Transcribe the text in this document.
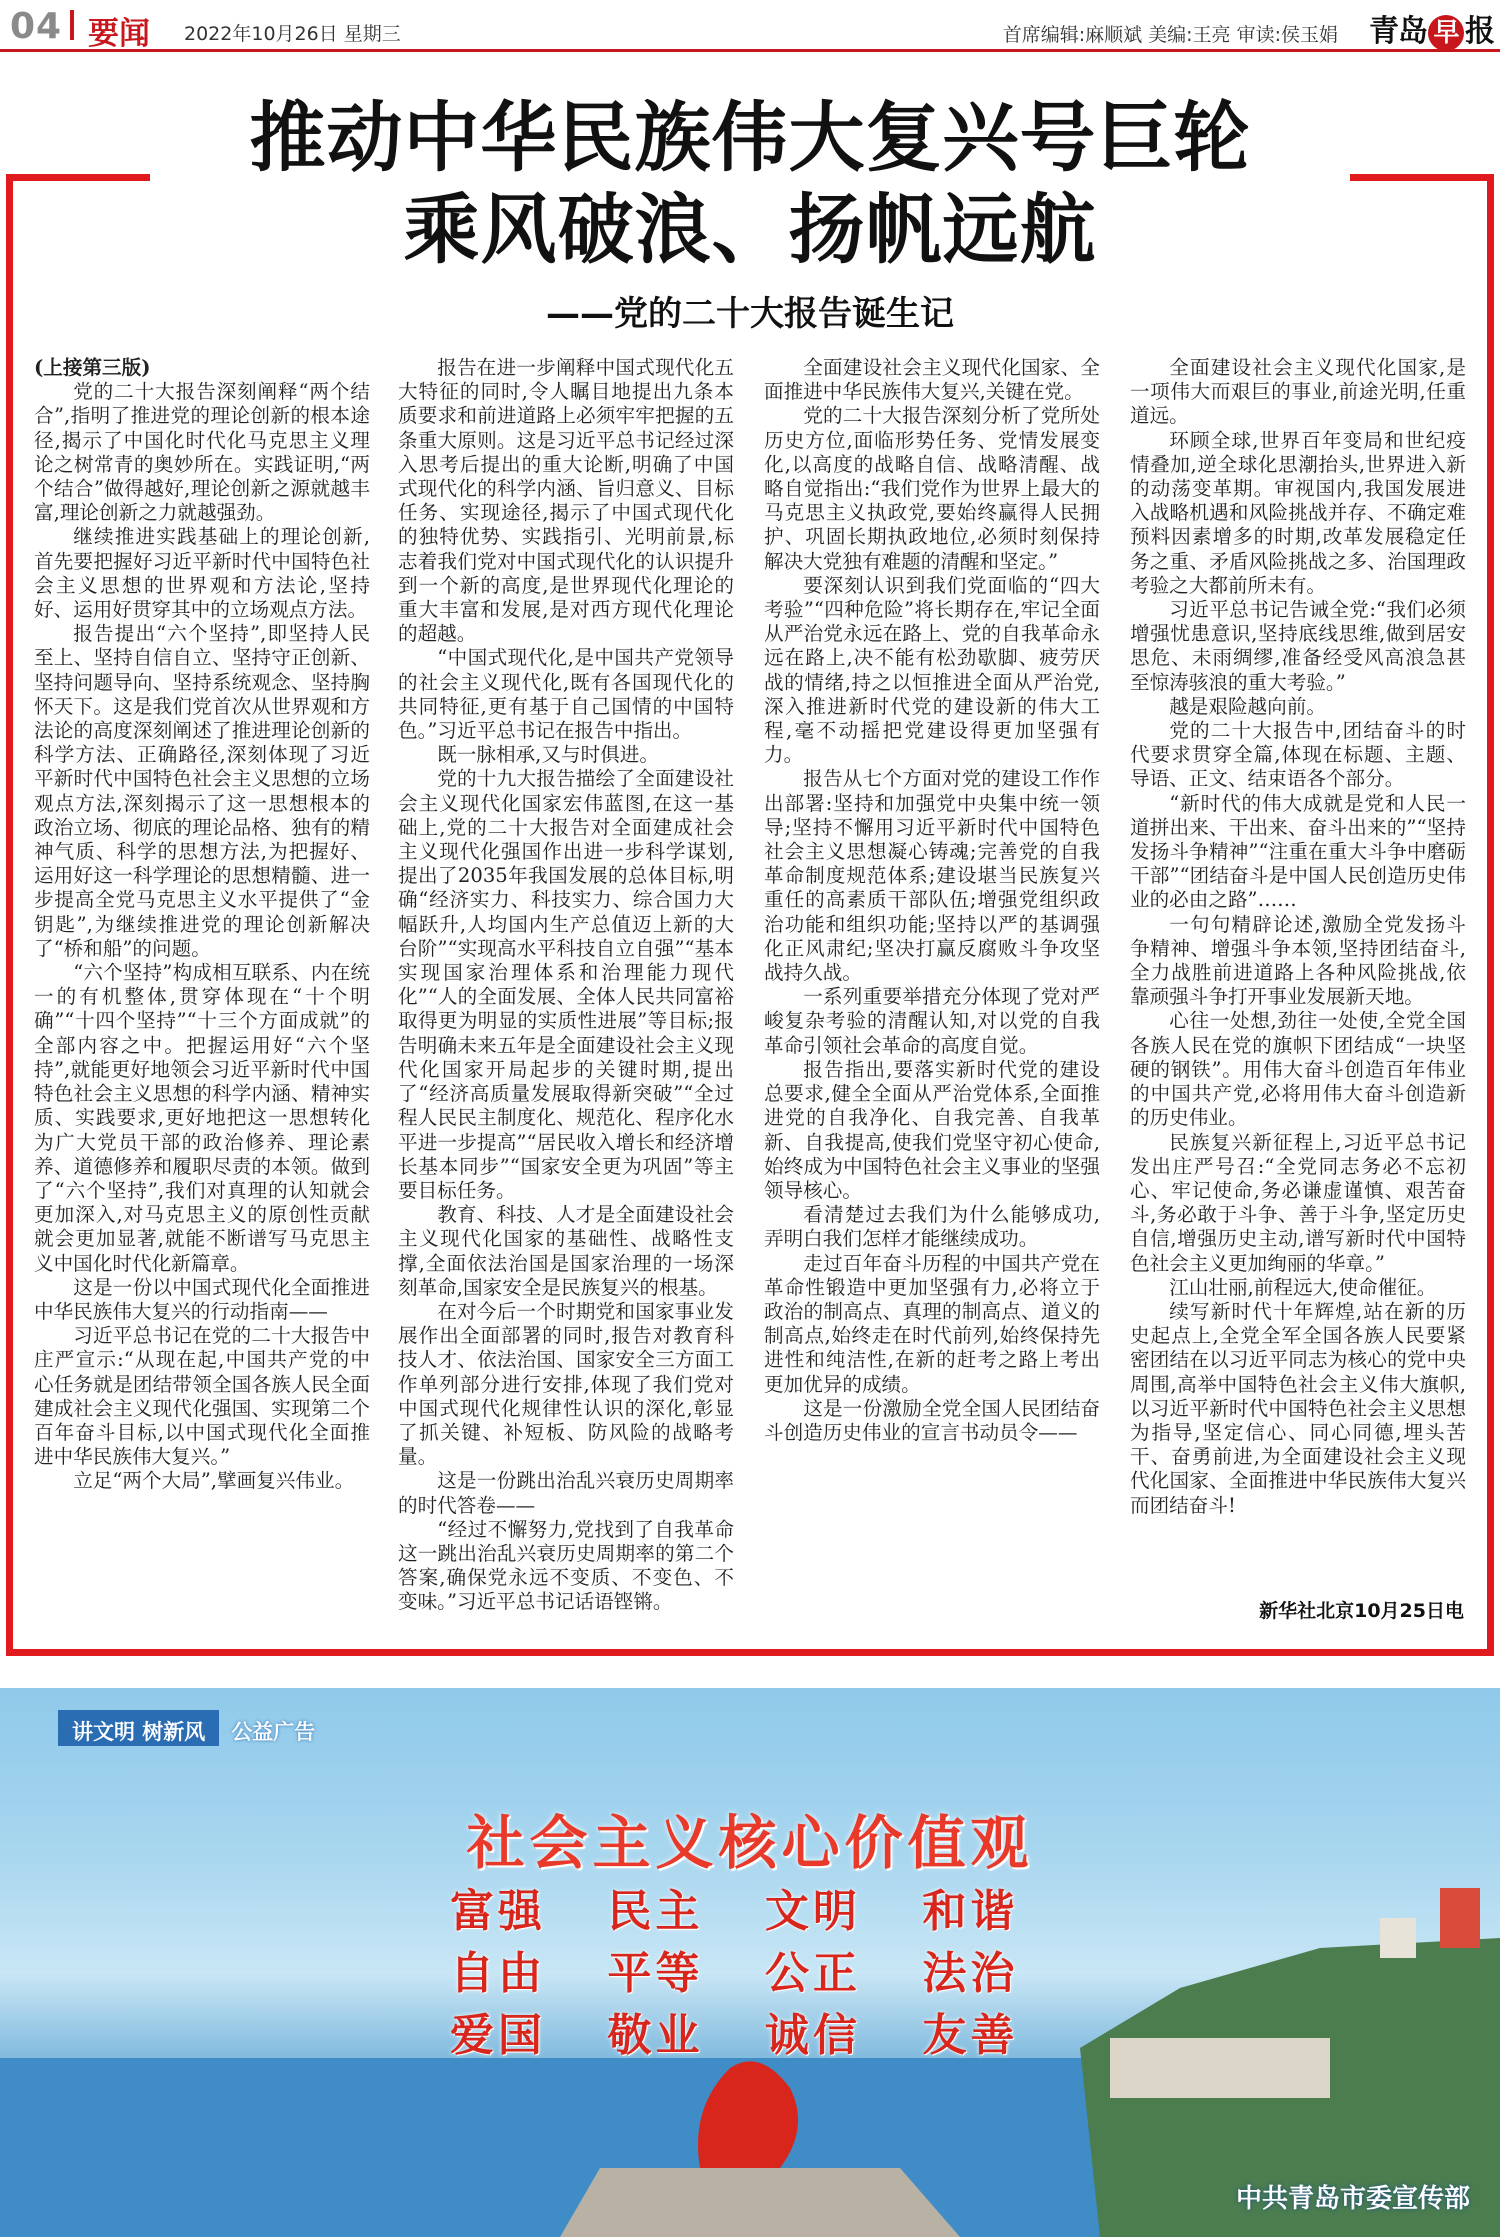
04 要闻 2022年10月26日 星期三	首席编辑:麻顺斌 美编:王亮 审读:侯玉娟 青岛 早 报
推动中华民族伟大复兴号巨轮
乘风破浪、扬帆远航
——党的二十大报告诞生记

(上接第三版)

党的二十大报告深刻阐释“两个结合”,指明了推进党的理论创新的根本途径,揭示了中国化时代化马克思主义理论之树常青的奥妙所在。实践证明,“两个结合”做得越好,理论创新之源就越丰富,理论创新之力就越强劲。

继续推进实践基础上的理论创新,首先要把握好习近平新时代中国特色社会主义思想的世界观和方法论,坚持好、运用好贯穿其中的立场观点方法。

报告提出“六个坚持”,即坚持人民至上、坚持自信自立、坚持守正创新、坚持问题导向、坚持系统观念、坚持胸怀天下。这是我们党首次从世界观和方法论的高度深刻阐述了推进理论创新的科学方法、正确路径,深刻体现了习近平新时代中国特色社会主义思想的立场观点方法,深刻揭示了这一思想根本的政治立场、彻底的理论品格、独有的精神气质、科学的思想方法,为把握好、运用好这一科学理论的思想精髓、进一步提高全党马克思主义水平提供了“金钥匙”,为继续推进党的理论创新解决了“桥和船”的问题。

“六个坚持”构成相互联系、内在统一的有机整体,贯穿体现在“十个明确”“十四个坚持”“十三个方面成就”的全部内容之中。把握运用好“六个坚持”,就能更好地领会习近平新时代中国特色社会主义思想的科学内涵、精神实质、实践要求,更好地把这一思想转化为广大党员干部的政治修养、理论素养、道德修养和履职尽责的本领。做到了“六个坚持”,我们对真理的认知就会更加深入,对马克思主义的原创性贡献就会更加显著,就能不断谱写马克思主义中国化时代化新篇章。

这是一份以中国式现代化全面推进中华民族伟大复兴的行动指南——

习近平总书记在党的二十大报告中庄严宣示:“从现在起,中国共产党的中心任务就是团结带领全国各族人民全面建成社会主义现代化强国、实现第二个百年奋斗目标,以中国式现代化全面推进中华民族伟大复兴。”

立足“两个大局”,擘画复兴伟业。

报告在进一步阐释中国式现代化五大特征的同时,令人瞩目地提出九条本质要求和前进道路上必须牢牢把握的五条重大原则。这是习近平总书记经过深入思考后提出的重大论断,明确了中国式现代化的科学内涵、旨归意义、目标任务、实现途径,揭示了中国式现代化的独特优势、实践指引、光明前景,标志着我们党对中国式现代化的认识提升到一个新的高度,是世界现代化理论的重大丰富和发展,是对西方现代化理论的超越。

“中国式现代化,是中国共产党领导的社会主义现代化,既有各国现代化的共同特征,更有基于自己国情的中国特色。”习近平总书记在报告中指出。

既一脉相承,又与时俱进。

党的十九大报告描绘了全面建设社会主义现代化国家宏伟蓝图,在这一基础上,党的二十大报告对全面建成社会主义现代化强国作出进一步科学谋划,提出了2035年我国发展的总体目标,明确“经济实力、科技实力、综合国力大幅跃升,人均国内生产总值迈上新的大台阶”“实现高水平科技自立自强”“基本实现国家治理体系和治理能力现代化”“人的全面发展、全体人民共同富裕取得更为明显的实质性进展”等目标;报告明确未来五年是全面建设社会主义现代化国家开局起步的关键时期,提出了“经济高质量发展取得新突破”“全过程人民民主制度化、规范化、程序化水平进一步提高”“居民收入增长和经济增长基本同步”“国家安全更为巩固”等主要目标任务。

教育、科技、人才是全面建设社会主义现代化国家的基础性、战略性支撑,全面依法治国是国家治理的一场深刻革命,国家安全是民族复兴的根基。

在对今后一个时期党和国家事业发展作出全面部署的同时,报告对教育科技人才、依法治国、国家安全三方面工作单列部分进行安排,体现了我们党对中国式现代化规律性认识的深化,彰显了抓关键、补短板、防风险的战略考量。

这是一份跳出治乱兴衰历史周期率的时代答卷——

“经过不懈努力,党找到了自我革命这一跳出治乱兴衰历史周期率的第二个答案,确保党永远不变质、不变色、不变味。”习近平总书记话语铿锵。

全面建设社会主义现代化国家、全面推进中华民族伟大复兴,关键在党。

党的二十大报告深刻分析了党所处历史方位,面临形势任务、党情发展变化,以高度的战略自信、战略清醒、战略自觉指出:“我们党作为世界上最大的马克思主义执政党,要始终赢得人民拥护、巩固长期执政地位,必须时刻保持解决大党独有难题的清醒和坚定。”

要深刻认识到我们党面临的“四大考验”“四种危险”将长期存在,牢记全面从严治党永远在路上、党的自我革命永远在路上,决不能有松劲歇脚、疲劳厌战的情绪,持之以恒推进全面从严治党,深入推进新时代党的建设新的伟大工程,毫不动摇把党建设得更加坚强有力。

报告从七个方面对党的建设工作作出部署:坚持和加强党中央集中统一领导;坚持不懈用习近平新时代中国特色社会主义思想凝心铸魂;完善党的自我革命制度规范体系;建设堪当民族复兴重任的高素质干部队伍;增强党组织政治功能和组织功能;坚持以严的基调强化正风肃纪;坚决打赢反腐败斗争攻坚战持久战。

一系列重要举措充分体现了党对严峻复杂考验的清醒认知,对以党的自我革命引领社会革命的高度自觉。

报告指出,要落实新时代党的建设总要求,健全全面从严治党体系,全面推进党的自我净化、自我完善、自我革新、自我提高,使我们党坚守初心使命,始终成为中国特色社会主义事业的坚强领导核心。

看清楚过去我们为什么能够成功,弄明白我们怎样才能继续成功。

走过百年奋斗历程的中国共产党在革命性锻造中更加坚强有力,必将立于政治的制高点、真理的制高点、道义的制高点,始终走在时代前列,始终保持先进性和纯洁性,在新的赶考之路上考出更加优异的成绩。

这是一份激励全党全国人民团结奋斗创造历史伟业的宣言书动员令——

全面建设社会主义现代化国家,是一项伟大而艰巨的事业,前途光明,任重道远。

环顾全球,世界百年变局和世纪疫情叠加,逆全球化思潮抬头,世界进入新的动荡变革期。审视国内,我国发展进入战略机遇和风险挑战并存、不确定难预料因素增多的时期,改革发展稳定任务之重、矛盾风险挑战之多、治国理政考验之大都前所未有。

习近平总书记告诫全党:“我们必须增强忧患意识,坚持底线思维,做到居安思危、未雨绸缪,准备经受风高浪急甚至惊涛骇浪的重大考验。”

越是艰险越向前。

党的二十大报告中,团结奋斗的时代要求贯穿全篇,体现在标题、主题、导语、正文、结束语各个部分。

“新时代的伟大成就是党和人民一道拼出来、干出来、奋斗出来的”“坚持发扬斗争精神”“注重在重大斗争中磨砺干部”“团结奋斗是中国人民创造历史伟业的必由之路”……

一句句精辟论述,激励全党发扬斗争精神、增强斗争本领,坚持团结奋斗,全力战胜前进道路上各种风险挑战,依靠顽强斗争打开事业发展新天地。

心往一处想,劲往一处使,全党全国各族人民在党的旗帜下团结成“一块坚硬的钢铁”。用伟大奋斗创造百年伟业的中国共产党,必将用伟大奋斗创造新的历史伟业。

民族复兴新征程上,习近平总书记发出庄严号召:“全党同志务必不忘初心、牢记使命,务必谦虚谨慎、艰苦奋斗,务必敢于斗争、善于斗争,坚定历史自信,增强历史主动,谱写新时代中国特色社会主义更加绚丽的华章。”

江山壮丽,前程远大,使命催征。

续写新时代十年辉煌,站在新的历史起点上,全党全军全国各族人民要紧密团结在以习近平同志为核心的党中央周围,高举中国特色社会主义伟大旗帜,以习近平新时代中国特色社会主义思想为指导,坚定信心、同心同德,埋头苦干、奋勇前进,为全面建设社会主义现代化国家、全面推进中华民族伟大复兴而团结奋斗!

新华社北京10月25日电
讲文明 树新风	公益广告
社会主义核心价值观
富强	民主	文明	和谐
自由	平等	公正	法治
爱国	敬业	诚信	友善
中共青岛市委宣传部
